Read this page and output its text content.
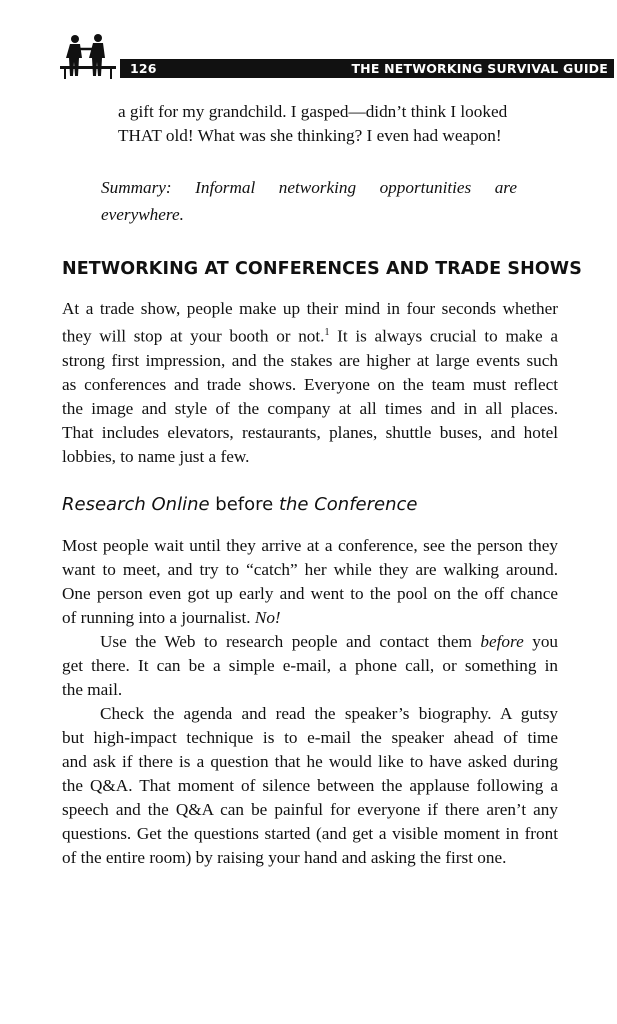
126	THE NETWORKING SURVIVAL GUIDE
a gift for my grandchild. I gasped—didn’t think I looked
THAT old! What was she thinking? I even had weapon!
Summary: Informal networking opportunities are
everywhere.
NETWORKING AT CONFERENCES AND TRADE SHOWS
At a trade show, people make up their mind in four seconds whether
they will stop at your booth or not.$^1$ It is always crucial to make a
strong first impression, and the stakes are higher at large events such
as conferences and trade shows. Everyone on the team must reflect
the image and style of the company at all times and in all places.
That includes elevators, restaurants, planes, shuttle buses, and hotel
lobbies, to name just a few.
Research Online before the Conference
Most people wait until they arrive at a conference, see the person they
want to meet, and try to “catch” her while they are walking around.
One person even got up early and went to the pool on the off chance
of running into a journalist. No!
Use the Web to research people and contact them before you
get there. It can be a simple e-mail, a phone call, or something in
the mail.
Check the agenda and read the speaker’s biography. A gutsy
but high-impact technique is to e-mail the speaker ahead of time
and ask if there is a question that he would like to have asked during
the Q&A. That moment of silence between the applause following a
speech and the Q&A can be painful for everyone if there aren’t any
questions. Get the questions started (and get a visible moment in front
of the entire room) by raising your hand and asking the first one.
